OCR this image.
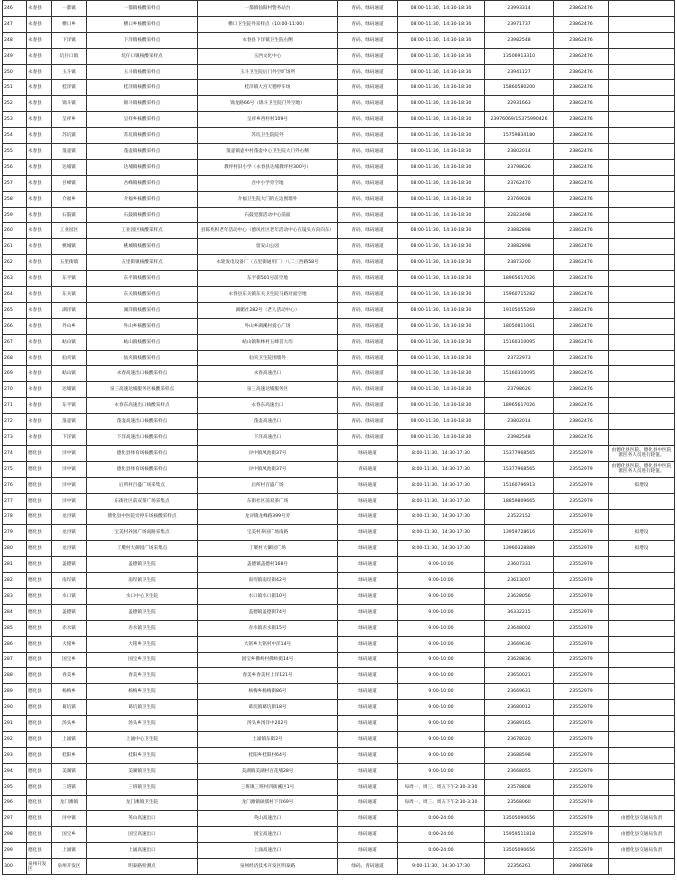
246	永春县	一都镇	一都镇核酸采样点	一都镇仙阳村警务站台	青码、绿码通道	08:00-11:30、14:30-18:30	23993314	23862476	
247	永春县	横口乡	横口乡核酸采样点	横口卫生院外采样点（10:00-11:00）	青码、绿码通道	08:00-11:30、14:30-18:30	23971737	23862476	
248	永春县	下洋镇	下洋镇核酸采样点	永春县下洋镇卫生院右侧	青码、绿码通道	08:00-11:30、14:30-18:30	23982548	23862476	
249	永春县	坑仔口镇	坑仔口镇核酸采样点	玉西文化中心	青码、绿码通道	08:00-11:30、14:30-18:30	13506913310	23862476	
250	永春县	玉斗镇	玉斗镇核酸采样点	玉斗卫生院后门外空旷场所	青码、绿码通道	08:00-11:30、14:30-18:30	23941127	23862476	
251	永春县	桂洋镇	桂洋镇核酸采样点	桂洋镇大宫天德停车场	青码、绿码通道	08:00-11:30、14:30-18:30	15860580200	23862476	
252	永春县	锦斗镇	锦斗镇核酸采样点	锦龙路66号（锦斗卫生院门外空地）	青码、绿码通道	08:00-11:30、14:30-18:30	22931663	23862476	
253	永春县	呈祥乡	呈祥乡核酸采样点	呈祥乡西村村109号	青码、绿码通道	08:00-11:30、14:30-18:30	23976069/15375990426	23862476	
254	永春县	苏坑镇	苏坑镇核酸采样点	苏坑卫生院院外	青码、绿码通道	08:00-11:30、14:30-18:30	15759834180	23862476	
255	永春县	蓬壶镇	蓬壶镇核酸采样点	蓬壶镇壶中村蓬壶中心卫生院大门外右侧	青码、绿码通道	08:00-11:30、14:30-18:30	23802014	23862476	
256	永春县	达埔镇	达埔镇核酸采样点	教坪村旧小学（永春县达埔教坪村300号）	青码、绿码通道	08:00-11:30、14:30-18:30	23798626	23862476	
257	永春县	吾峰镇	吾峰镇核酸采样点	吾中小学旁空地	青码、绿码通道	08:00-11:30、14:30-18:30	23762470	23862476	
258	永春县	介福乡	介福乡核酸采样点	介福卫生院大门的左边围墙外	青码、绿码通道	08:00-11:30、14:30-18:30	23769028	23862476	
259	永春县	石鼓镇	石鼓镇核酸采样点	石鼓党群活动中心前面	青码、绿码通道	08:00-11:30、14:30-18:30	22823498	23862476	
260	永春县	工业园区	工业园区核酸采样点	县陈兆积老年活动中心（德风社区老年活动中心在镜头方向向东）	青码、绿码通道	08:00-11:30、14:30-18:30	23882898	23862476	
261	永春县	桃城镇	桃城镇核酸采样点	留安山公园	青码、绿码通道	08:00-11:30、14:30-18:30	23882898	23862476	
262	永春县	五里街镇	五里街镇核酸采样点	永轮发电设备厂（五里街通用厂）八二三西路58号	青码、绿码通道	08:00-11:30、14:30-18:30	23873200	23862476	
263	永春县	东平镇	东平镇核酸采样点	东平街501号前空地	青码、绿码通道	08:00-11:30、14:30-18:30	18965617026	23862476	
264	永春县	东关镇	东关镇核酸采样点	永春县东关镇东关卫生院马路对面空地	青码、绿码通道	08:00-11:30、14:30-18:30	15960715282	23862476	
265	永春县	湖洋镇	湖洋镇核酸采样点	湖媚社282号（老人活动中心）	青码、绿码通道	08:00-11:30、14:30-18:30	19105055269	23862476	
266	永春县	外山乡	外山乡核酸采样点	外山乡湖溪村爱心广场	青码、绿码通道	08:00-11:30、14:30-18:30	18050811061	23862476	
267	永春县	岵山镇	岵山镇核酸采样点	岵山镇和林村五峰首大埕	青码、绿码通道	08:00-11:30、14:30-18:30	15160310095	23862476	
268	永春县	仙夹镇	仙夹镇核酸采样点	仙夹卫生院围墙外	青码、绿码通道	08:00-11:30、14:30-18:30	23722973	23862476	
269	永春县	岵山镇	永春高速出口核酸采样点	永春高速出口	青码、绿码通道	08:00-11:30、14:30-18:30	15160310095	23862476	
270	永春县	达埔镇	泉三高速达埔服务区核酸采样点	泉三高速达埔服务区	青码、绿码通道	08:00-11:30、14:30-18:30	23798626	23862476	
271	永春县	东平镇	永春东高速出口核酸采样点	永春东高速出口	青码、绿码通道	08:00-11:30、14:30-18:30	18965617026	23862476	
272	永春县	蓬壶镇	蓬壶高速出口核酸采样点	蓬壶高速出口	青码、绿码通道	08:00-11:30、14:30-18:30	23802014	23862476	
273	永春县	下洋镇	下洋高速出口核酸采样点	下洋高速出口	青码、绿码通道	08:00-11:30、14:30-18:30	23982548	23862476	
274	德化县	浔中镇	德化县体育场核酸采样点	浔中镇凤池街37号	绿码通道	8:00-11:30、14:30-17:30	15377968565	23552979	由德化县医院、德化县中医院派医务人员进行轮值。
275	德化县	浔中镇	德化县体育场核酸采样点	浔中镇凤池街37号	青码通道	8:00-11:30、14:30-17:30	15377968565	23552979	由德化县医院、德化县中医院派医务人员进行轮值。
276	德化县	浔中镇	后所村百盛广场采集点	后所村百盛广场	绿码通道	8:00-11:30、14:30-17:30	15160796913	23552979	拟增设
277	德化县	浔中镇	东街社区前双茶广场采集点	东街社区前双茶广场	绿码通道	8:00-11:30、14:30-17:30	18859809665	23552979	
278	德化县	龙浔镇	德化县中医院旁停车场核酸采样点	龙浔镇龙峰路399号旁	绿码通道	8:00-11:30、14:30-17:30	23522152	23552979	
279	德化县	龙浔镇	宝美村养国广场南路采集点	宝美村养国广场南路	绿码通道	8:00-11:30、14:30-17:30	13959728616	23552979	拟增设
280	德化县	龙浔镇	丁墘村大御园广场采集点	丁墘村大御园广场	绿码通道	8:00-11:30、14:30-17:30	13960328889	23552979	拟增设
281	德化县	盖德镇	盖德镇卫生院	盖德镇盖德村168号	绿码通道	9:00-10:00	23607331	23552979	
282	德化县	南埕镇	南埕镇卫生院	南埕镇南埕街42号	绿码通道	9:00-10:00	23613007	23552979	
283	德化县	水口镇	水口中心卫生院	水口镇水口街10号	绿码通道	9:00-10:00	23628056	23552979	
284	德化县	盖德镇	盖德镇卫生院	盖德镇盖德街74号	绿码通道	9:00-10:00	36332215	23552979	
285	德化县	赤水镇	赤水镇卫生院	赤水镇赤水街15号	绿码通道	9:00-10:00	23648002	23552979	
286	德化县	大铭乡	大铭乡卫生院	大铭乡大铭村中洋14号	绿码通道	9:00-10:00	23669636	23552979	
287	德化县	国宝乡	国宝乡卫生院	国宝乡佛岭村佛岭街14号	绿码通道	9:00-10:00	23628836	23552979	
288	德化县	春美乡	春美乡卫生院	春美乡春美村上洋121号	绿码通道	9:00-10:00	23650021	23552979	
289	德化县	杨梅乡	杨梅乡卫生院	杨梅乡杨梅街86号	绿码通道	9:00-10:00	23669631	23552979	
290	德化县	葛坑镇	葛坑镇卫生院	葛坑镇葛坑街18号	绿码通道	9:00-10:00	23680012	23552979	
291	德化县	汤头乡	汤头乡卫生院	汤头乡汤洋中202号	绿码通道	9:00-10:00	23689165	23552979	
292	德化县	上涌镇	上涌中心卫生院	上涌镇东街2号	绿码通道	9:00-10:00	23678020	23552979	
293	德化县	桂阳乡	桂阳乡卫生院	桂阳乡桂阳村64号	绿码通道	9:00-10:00	23688598	23552979	
294	德化县	美湖镇	美湖镇卫生院	美湖镇美湖村百花埔28号	绿码通道	9:00-10:00	23668055	23552979	
295	德化县	三班镇	三班镇卫生院	三班镇三班村四街溪区1号	绿码通道	每周一、周三、周五下午2:30-3:30	23578808	23552979	
296	德化县	龙门滩镇	龙门滩镇卫生院	龙门滩镇硕儒村下洋69号	绿码通道	每周一、周三、周五下午2:30-3:30	23568060	23552979	
297	德化县	浔中镇	英山高速出口	英山高速出口	绿码通道	0:00-24:00	13505090656	23552979	由德化县交通局负责
298	德化县	国宝乡	国宝高速出口	国宝高速出口	绿码通道	0:00-24:00	15959511818	23552979	由德化县交通局负责
299	德化县	上涌镇	上涌高速出口	上涌高速出口	绿码通道	0:00-24:00	13505090656	23552979	由德化县交通局负责
300	泉州开发区	泉州开发区	明泰路检测点	泉州经济技术开发区明泰路	绿码、青码通道	9:00-11:30、14:30-17:30	22356261	28987868	
